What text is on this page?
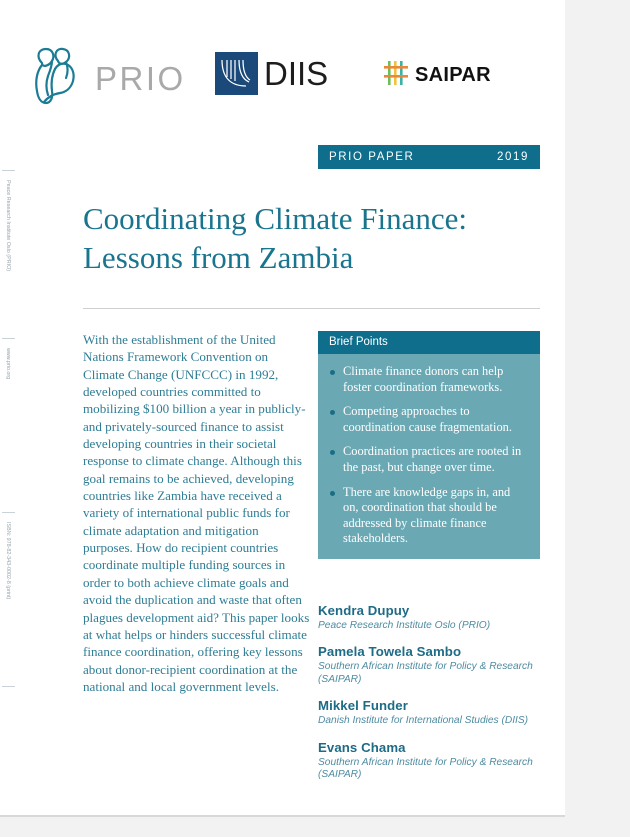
Peace Research Institute Oslo (PRIO)
www.prio.org
ISBN: 978-82-343-0002-8 (print)
PRIO DIIS	SAIPAR
PRIO PAPER	2019
Coordinating Climate Finance:
Lessons from Zambia
With the establishment of the United Nations Framework Convention on Climate Change (UNFCCC) in 1992, developed countries committed to mobilizing $100 billion a year in publicly- and privately-sourced finance to assist developing countries in their societal response to climate change. Although this goal remains to be achieved, developing countries like Zambia have received a variety of international public funds for climate adaptation and mitigation purposes. How do recipient countries coordinate multiple funding sources in order to both achieve climate goals and avoid the duplication and waste that often plagues development aid? This paper looks at what helps or hinders successful climate finance coordination, offering key lessons about donor-recipient coordination at the national and local government levels.
Brief Points
Climate finance donors can help foster coordination frameworks.
Competing approaches to coordination cause fragmentation.
Coordination practices are rooted in the past, but change over time.
There are knowledge gaps in, and on, coordination that should be addressed by climate finance stakeholders.
Kendra Dupuy
Peace Research Institute Oslo (PRIO)
Pamela Towela Sambo
Southern African Institute for Policy & Research (SAIPAR)
Mikkel Funder
Danish Institute for International Studies (DIIS)
Evans Chama
Southern African Institute for Policy & Research (SAIPAR)
